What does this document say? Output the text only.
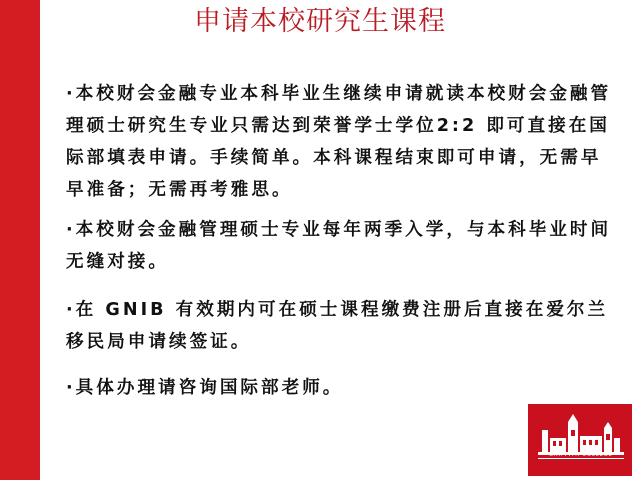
申请本校研究生课程

·本校财会金融专业本科毕业生继续申请就读本校财会金融管理硕士研究生专业只需达到荣誉学士学位2:2 即可直接在国际部填表申请。手续简单。本科课程结束即可申请，无需早早准备；无需再考雅思。

·本校财会金融管理硕士专业每年两季入学，与本科毕业时间无缝对接。

·在 GNIB 有效期内可在硕士课程缴费注册后直接在爱尔兰移民局申请续签证。

·具体办理请咨询国际部老师。

GRIFFITH COLLEGE
